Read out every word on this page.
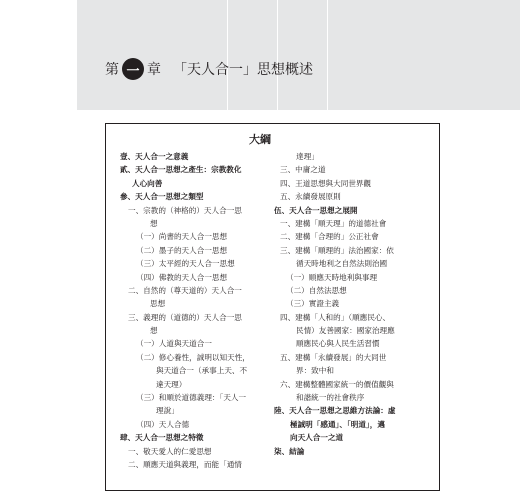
第 一 章 「天人合一」思想概述
大綱
壹、天人合一之意義
貳、天人合一思想之產生：宗教教化
人心向善
參、天人合一思想之類型
一、宗教的（神格的）天人合一思
想
（一）尚書的天人合一思想
（二）墨子的天人合一思想
（三）太平經的天人合一思想
（四）佛教的天人合一思想
二、自然的（尊天道的）天人合一
思想
三、義理的（道德的）天人合一思
想
（一）人道與天道合一
（二）修心養性，誠明以知天性，
與天道合一（承事上天、不
違天理）
（三）和順於道德義理：「天人一
理說」
（四）天人合德
肆、天人合一思想之特徵
一、敬天愛人的仁愛思想
二、順應天道與義理，而能「通情
達理」
三、中庸之道
四、王道思想與大同世界觀
五、永續發展原則
伍、天人合一思想之展開
一、建構「順天理」的道德社會
二、建構「合理的」公正社會
三、建構「順理的」法治國家：依
循天時地利之自然法則治國
（一）順應天時地利與事理
（二）自然法思想
（三）實證主義
四、建構「人和的」（順應民心、
民情）友善國家：國家治理應
順應民心與人民生活習慣
五、建構「永續發展」的大同世
界：致中和
六、建構整體國家統一的價值觀與
和諧統一的社會秩序
陸、天人合一思想之思維方法論：虛
極誠明「感通」、「明道」，邁
向天人合一之道
柒、結論
